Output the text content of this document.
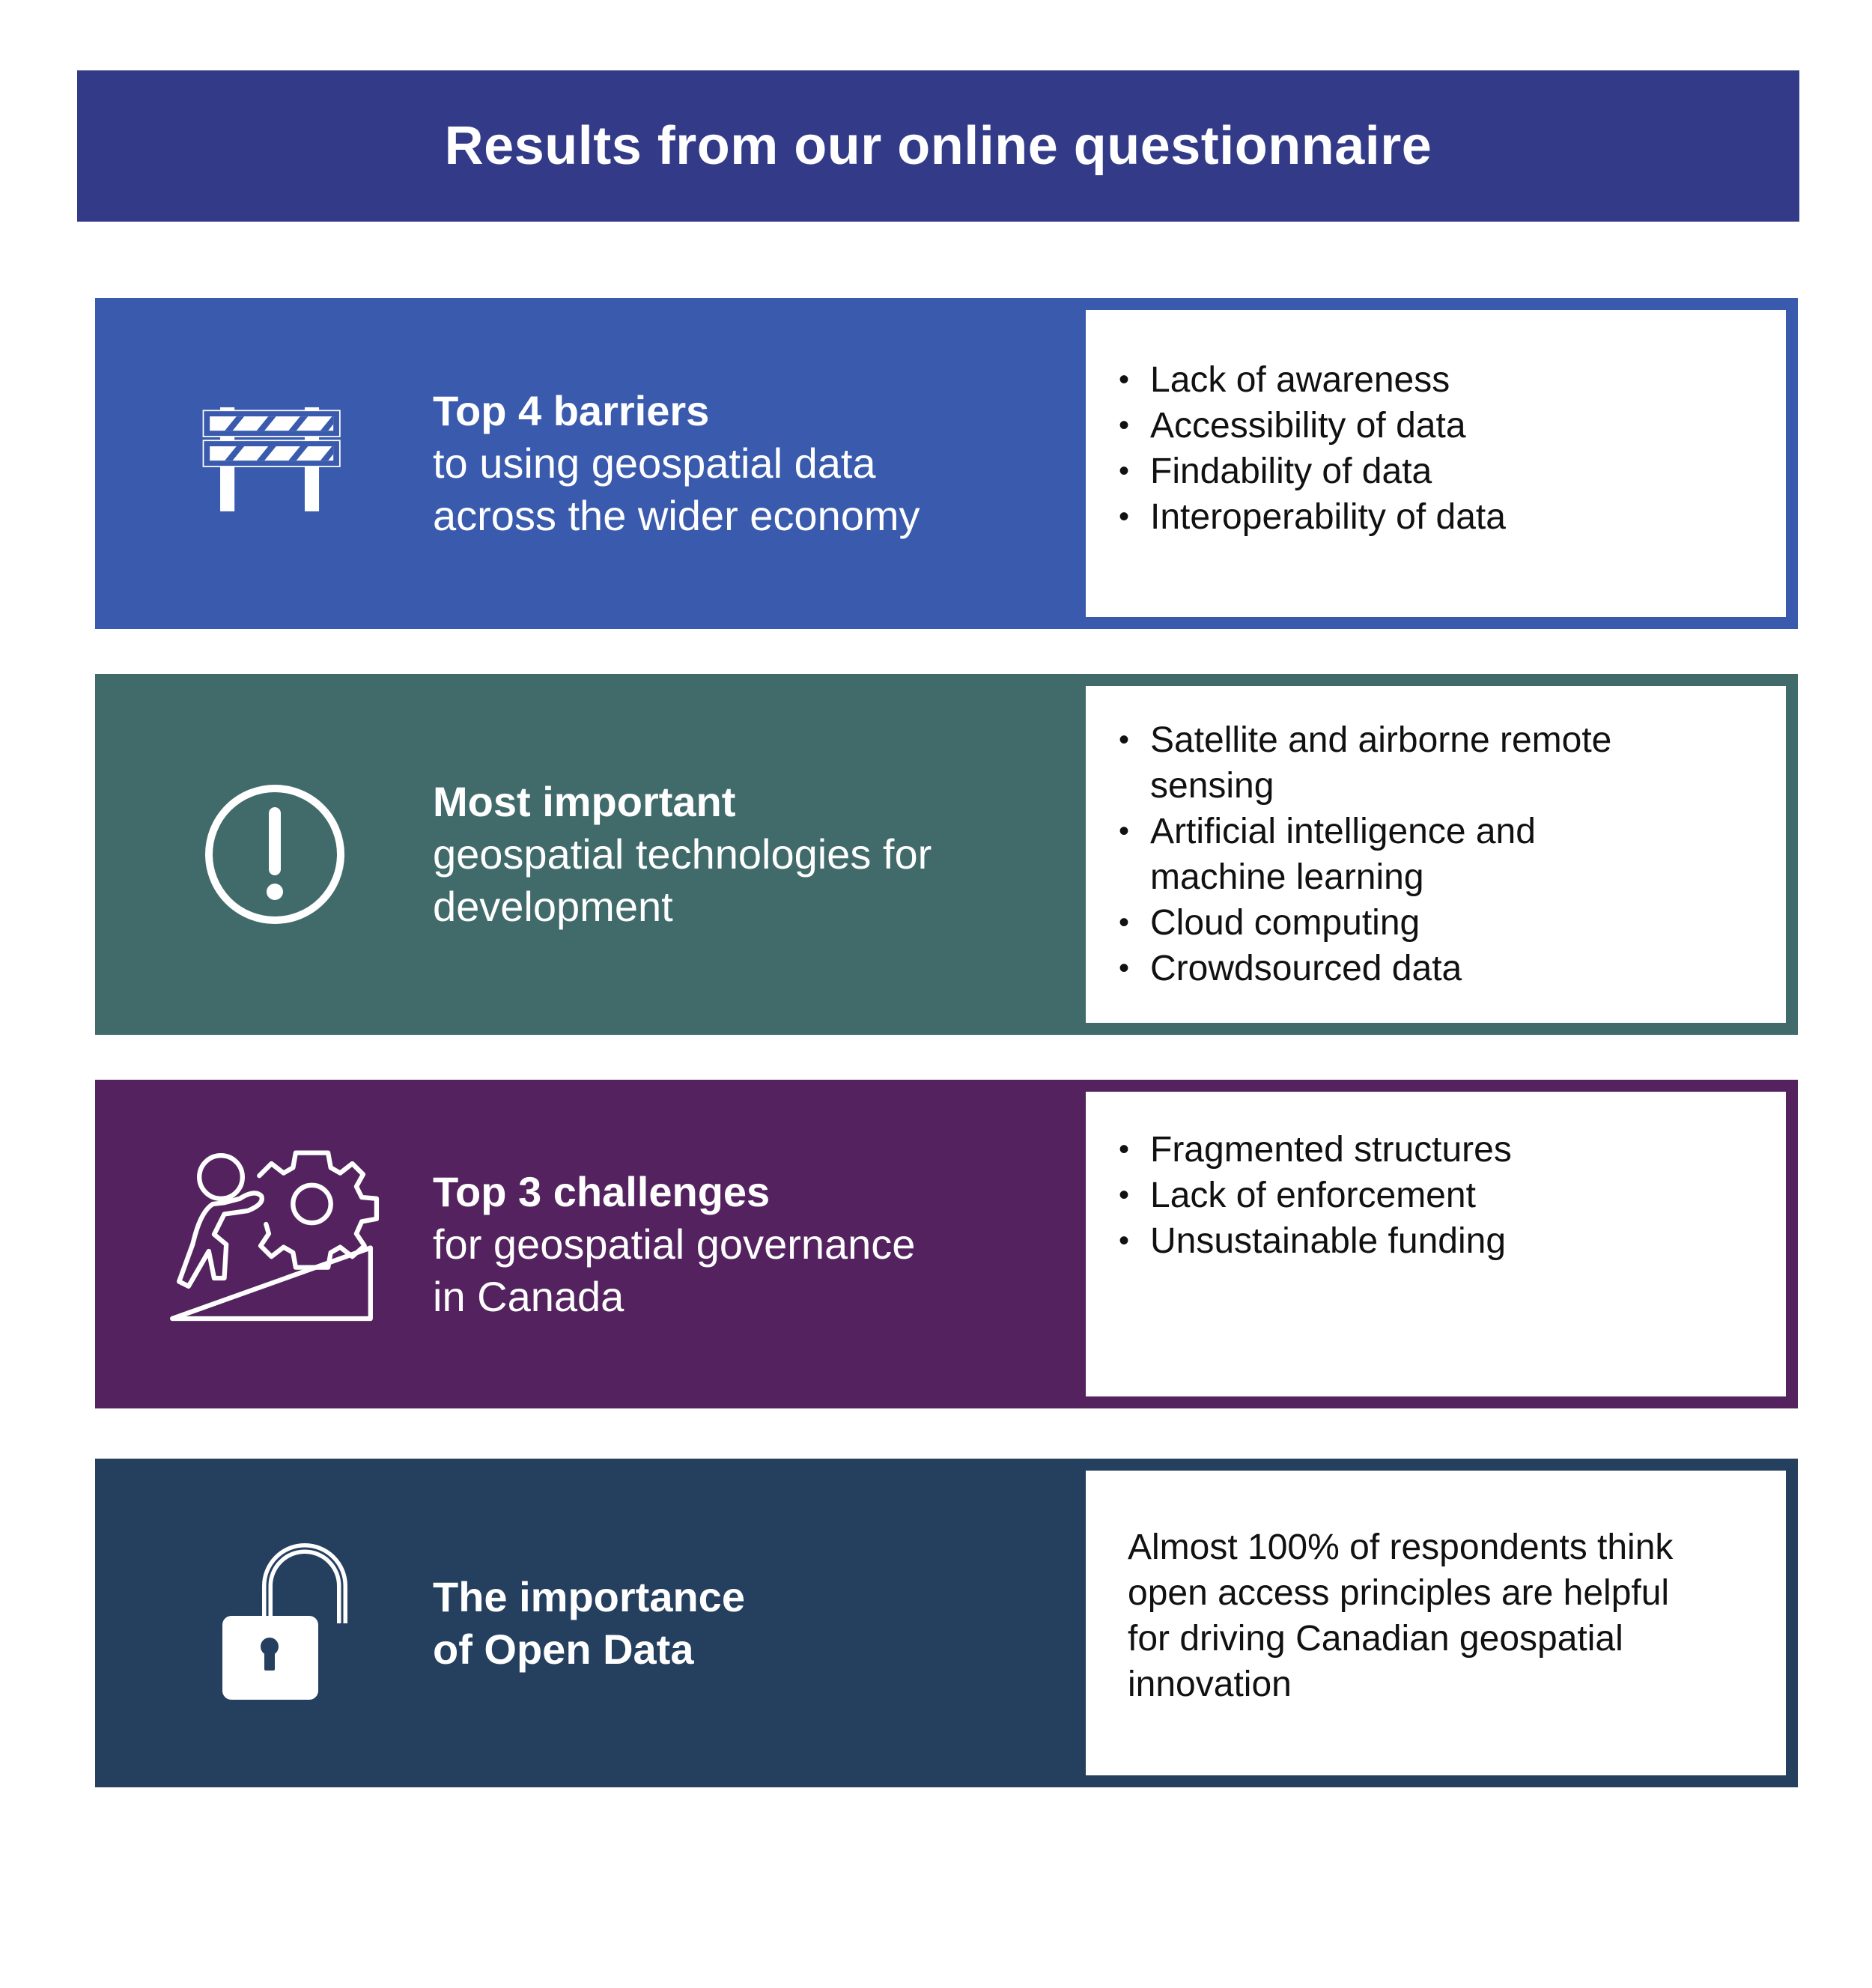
Results from our online questionnaire
Top 4 barriers
to using geospatial data
across the wider economy
• Lack of awareness
• Accessibility of data
• Findability of data
• Interoperability of data
Most important
geospatial technologies for
development
• Satellite and airborne remote sensing
• Artificial intelligence and machine learning
• Cloud computing
• Crowdsourced data
Top 3 challenges
for geospatial governance
in Canada
• Fragmented structures
• Lack of enforcement
• Unsustainable funding
The importance
of Open Data

Almost 100% of respondents think open access principles are helpful for driving Canadian geospatial innovation
